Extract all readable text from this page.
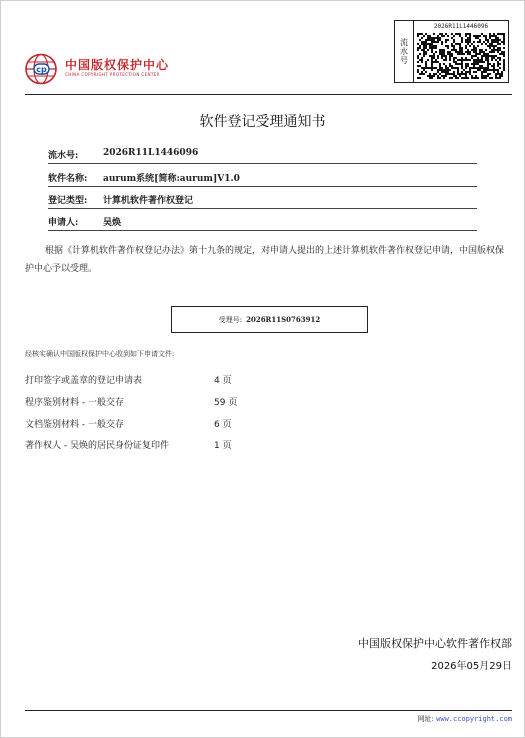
cp 中国版权保护中心
CHINA COPYRIGHT PROTECTION CENTER
流水号
2026R11L1446096
软件登记受理通知书
流水号:	2026R11L1446096
软件名称: aurum系统[简称:aurum]V1.0
登记类型: 计算机软件著作权登记
申请人:	吴焕
根据《计算机软件著作权登记办法》第十九条的规定，对申请人提出的上述计算机软件著作权登记申请，中国版权保护中心予以受理。
受理号: 2026R11S0763912
经核实确认中国版权保护中心收到如下申请文件:
打印签字或盖章的登记申请表	4 页
程序鉴别材料 - 一般交存	59 页
文档鉴别材料 - 一般交存	6 页
著作权人 - 吴焕的居民身份证复印件	1 页
中国版权保护中心软件著作权部
2026年05月29日
网址: www.ccopyright.com
